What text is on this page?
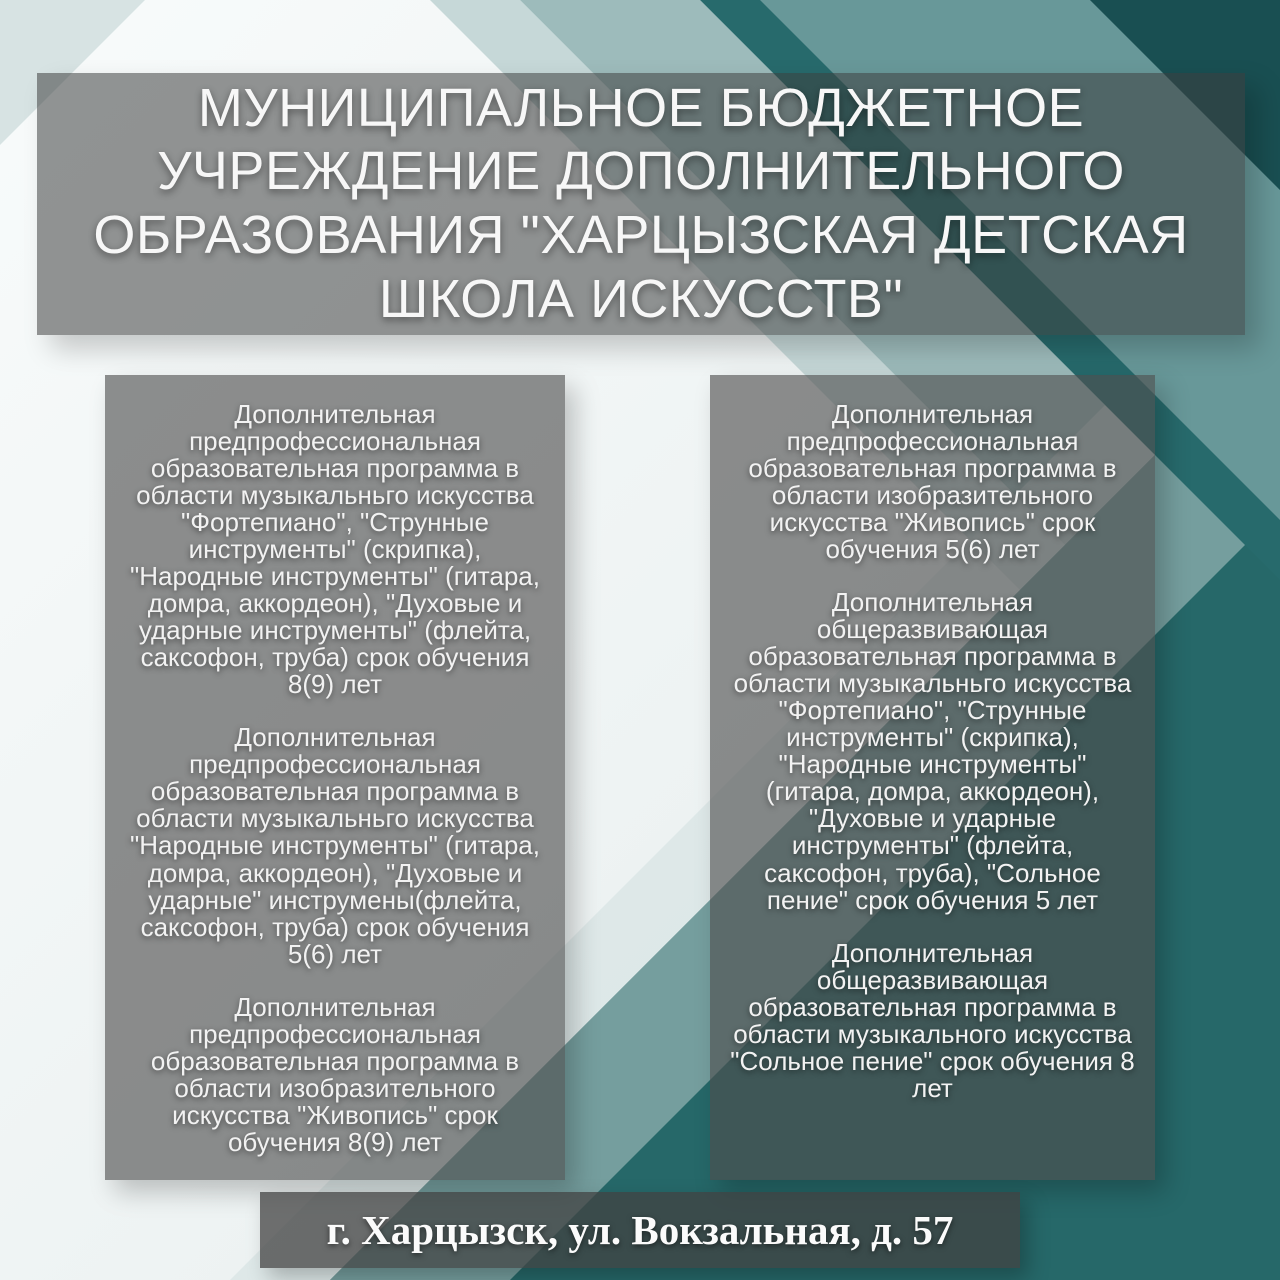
МУНИЦИПАЛЬНОЕ БЮДЖЕТНОЕ УЧРЕЖДЕНИЕ ДОПОЛНИТЕЛЬНОГО ОБРАЗОВАНИЯ "ХАРЦЫЗСКАЯ ДЕТСКАЯ ШКОЛА ИСКУССТВ"

Дополнительная предпрофессиональная образовательная программа в области музыкальньго искусства "Фортепиано", "Струнные инструменты" (скрипка), "Народные инструменты" (гитара, домра, аккордеон), "Духовые и ударные инструменты" (флейта, саксофон, труба) срок обучения 8(9) лет

Дополнительная предпрофессиональная образовательная программа в области музыкальньго искусства "Народные инструменты" (гитара, домра, аккордеон), "Духовые и ударные" инструмены(флейта, саксофон, труба) срок обучения 5(6) лет

Дополнительная предпрофессиональная образовательная программа в области изобразительного искусства "Живопись" срок обучения 8(9) лет

Дополнительная предпрофессиональная образовательная программа в области изобразительного искусства "Живопись" срок обучения 5(6) лет

Дополнительная общеразвивающая образовательная программа в области музыкальньго искусства "Фортепиано", "Струнные инструменты" (скрипка), "Народные инструменты" (гитара, домра, аккордеон), "Духовые и ударные инструменты" (флейта, саксофон, труба), "Сольное пение" срок обучения 5 лет

Дополнительная общеразвивающая образовательная программа в области музыкального искусства "Сольное пение" срок обучения 8 лет

г. Харцызск, ул. Вокзальная, д. 57
